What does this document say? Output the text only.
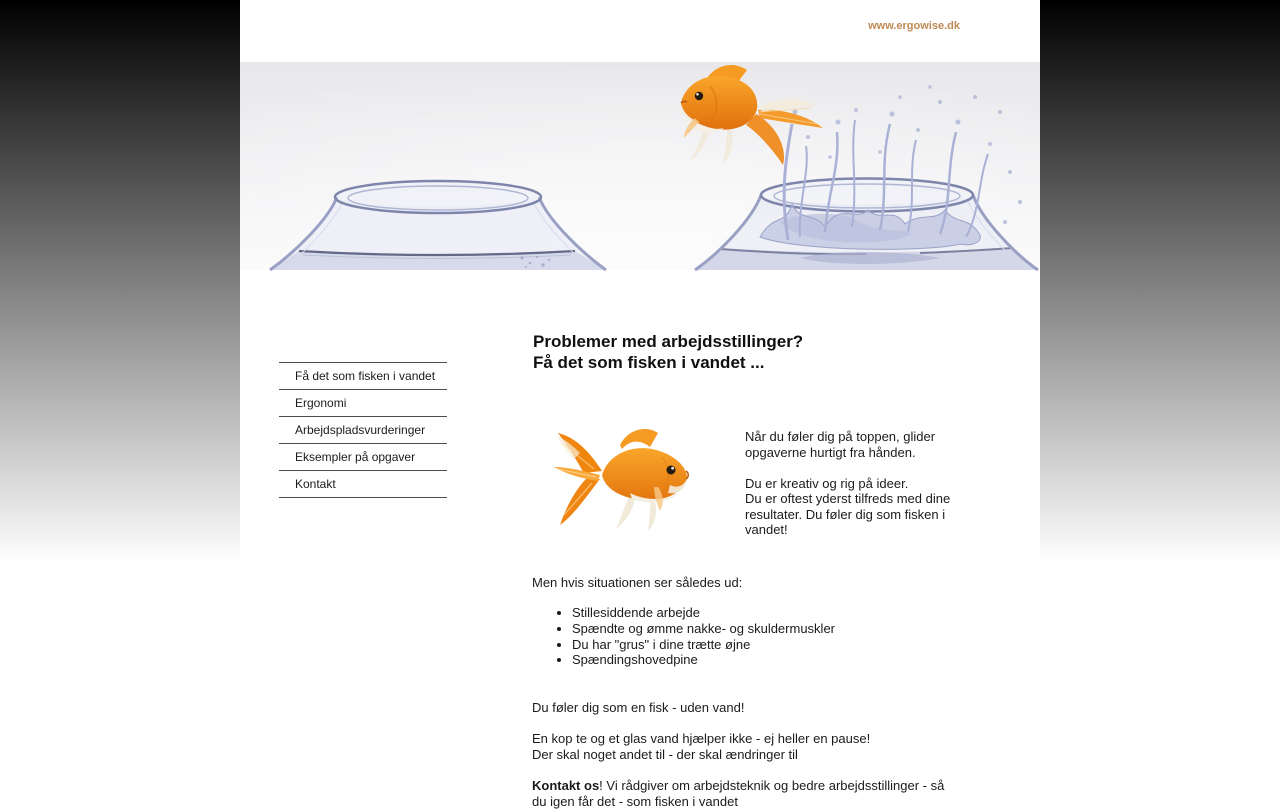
www.ergowise.dk
Få det som fisken i vandet
Ergonomi
Arbejdspladsvurderinger
Eksempler på opgaver
Kontakt
Problemer med arbejdsstillinger?
Få det som fisken i vandet ...
Når du føler dig på toppen, glider
opgaverne hurtigt fra hånden.
Du er kreativ og rig på ideer.
Du er oftest yderst tilfreds med dine
resultater. Du føler dig som fisken i
vandet!
Men hvis situationen ser således ud:
• Stillesiddende arbejde
• Spændte og ømme nakke- og skuldermuskler
• Du har "grus" i dine trætte øjne
• Spændingshovedpine
Du føler dig som en fisk - uden vand!
En kop te og et glas vand hjælper ikke - ej heller en pause!
Der skal noget andet til - der skal ændringer til
Kontakt os! Vi rådgiver om arbejdsteknik og bedre arbejdsstillinger - så
du igen får det - som fisken i vandet
